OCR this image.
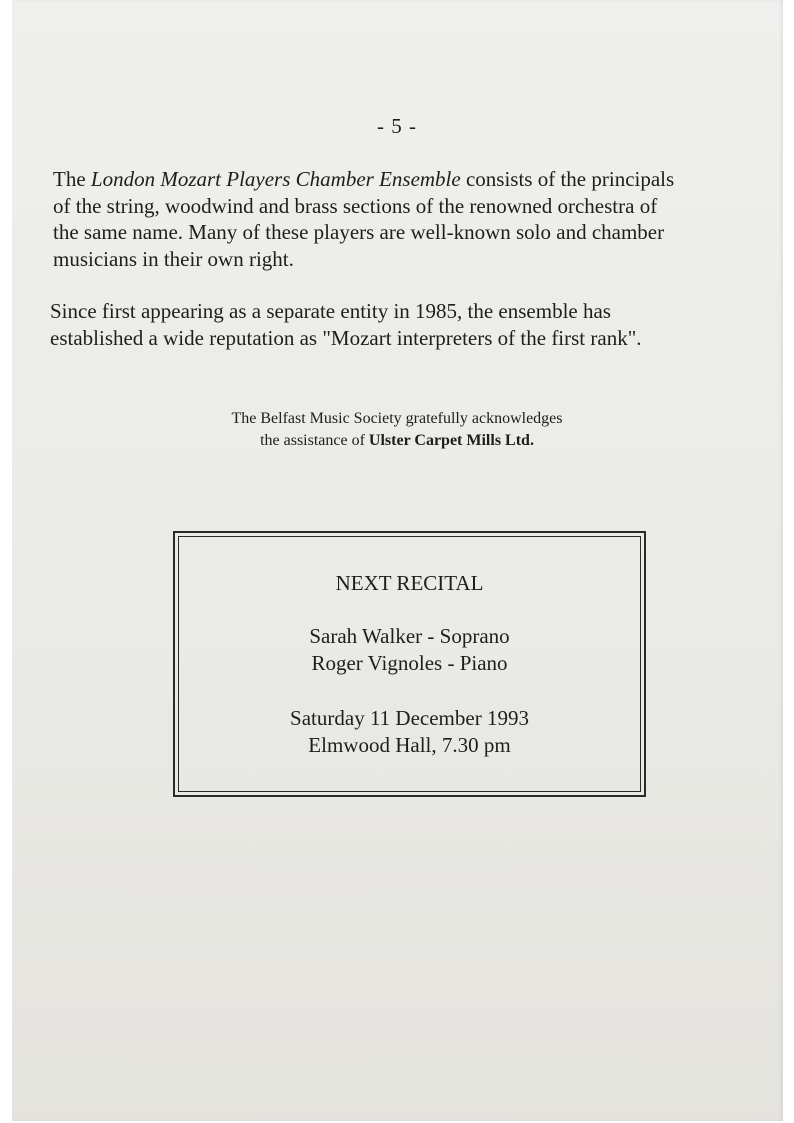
- 5 -
The London Mozart Players Chamber Ensemble consists of the principals
of the string, woodwind and brass sections of the renowned orchestra of
the same name. Many of these players are well-known solo and chamber
musicians in their own right.
Since first appearing as a separate entity in 1985, the ensemble has
established a wide reputation as "Mozart interpreters of the first rank".
The Belfast Music Society gratefully acknowledges
the assistance of Ulster Carpet Mills Ltd.
NEXT RECITAL
Sarah Walker - Soprano
Roger Vignoles - Piano
Saturday 11 December 1993
Elmwood Hall, 7.30 pm
